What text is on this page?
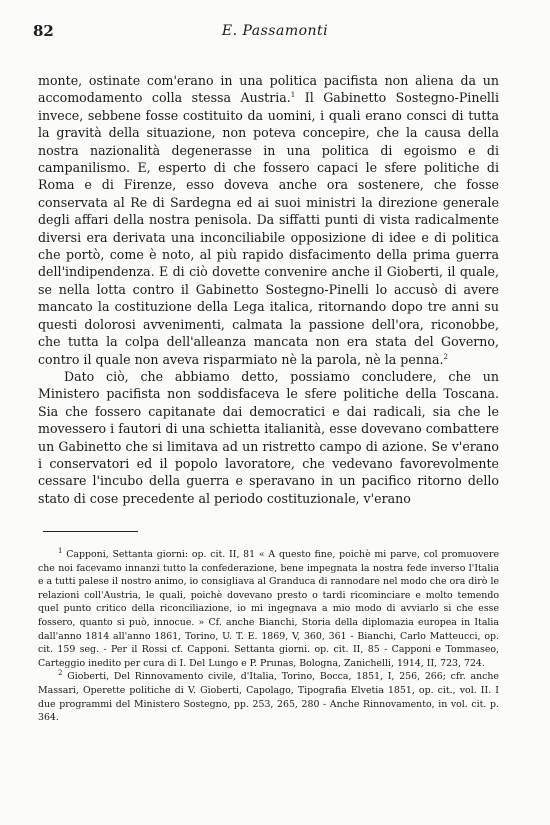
82	E. Passamonti

monte, ostinate com'erano in una politica pacifista non aliena da un accomodamento colla stessa Austria.$^1$ Il Gabinetto Sostegno-Pinelli invece, sebbene fosse costituito da uomini, i quali erano consci di tutta la gravità della situazione, non poteva concepire, che la causa della nostra nazionalità degenerasse in una politica di egoismo e di campanilismo. E, esperto di che fossero capaci le sfere politiche di Roma e di Firenze, esso doveva anche ora sostenere, che fosse conservata al Re di Sardegna ed ai suoi ministri la direzione generale degli affari della nostra penisola. Da siffatti punti di vista radicalmente diversi era derivata una inconciliabile opposizione di idee e di politica che portò, come è noto, al più rapido disfacimento della prima guerra dell'indipendenza. E di ciò dovette convenire anche il Gioberti, il quale, se nella lotta contro il Gabinetto Sostegno-Pinelli lo accusò di avere mancato la costituzione della Lega italica, ritornando dopo tre anni su questi dolorosi avvenimenti, calmata la passione dell'ora, riconobbe, che tutta la colpa dell'alleanza mancata non era stata del Governo, contro il quale non aveva risparmiato nè la parola, nè la penna.$^2$

Dato ciò, che abbiamo detto, possiamo concludere, che un Ministero pacifista non soddisfaceva le sfere politiche della Toscana. Sia che fossero capitanate dai democratici e dai radicali, sia che le movessero i fautori di una schietta italianità, esse dovevano combattere un Gabinetto che si limitava ad un ristretto campo di azione. Se v'erano i conservatori ed il popolo lavoratore, che vedevano favorevolmente cessare l'incubo della guerra e speravano in un pacifico ritorno dello stato di cose precedente al periodo costituzionale, v'erano

$^1$ Capponi, Settanta giorni: op. cit. II, 81 « A questo fine, poichè mi parve, col promuovere che noi facevamo innanzi tutto la confederazione, bene impegnata la nostra fede inverso l'Italia e a tutti palese il nostro animo, io consigliava al Granduca di rannodare nel modo che ora dirò le relazioni coll'Austria, le quali, poichè dovevano presto o tardi ricominciare e molto temendo quel punto critico della riconciliazione, io mi ingegnava a mio modo di avviarlo si che esse fossero, quanto si può, innocue. » Cf. anche Bianchi, Storia della diplomazia europea in Italia dall'anno 1814 all'anno 1861, Torino, U. T. E. 1869, V, 360, 361 - Bianchi, Carlo Matteucci, op. cit. 159 seg. - Per il Rossi cf. Capponi. Settanta giorni. op. cit. II, 85 - Capponi e Tommaseo, Carteggio inedito per cura di I. Del Lungo e P. Prunas, Bologna, Zanichelli, 1914, II, 723, 724.

$^2$ Gioberti, Del Rinnovamento civile, d'Italia, Torino, Bocca, 1851, I, 256, 266; cfr. anche Massari, Operette politiche di V. Gioberti, Capolago, Tipografia Elvetia 1851, op. cit., vol. II. I due programmi del Ministero Sostegno, pp. 253, 265, 280 - Anche Rinnovamento, in vol. cit. p. 364.
